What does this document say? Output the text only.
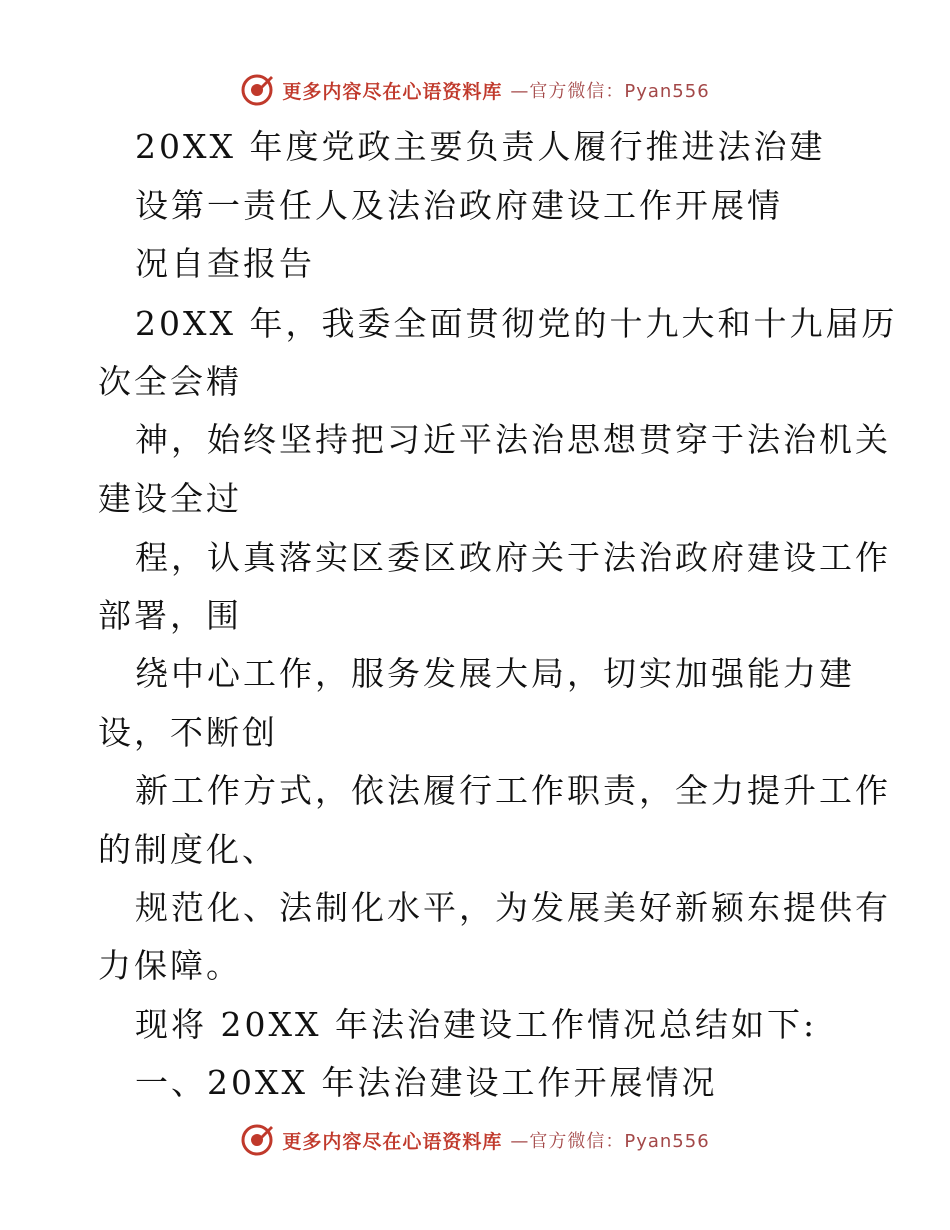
更多内容尽在心语资料库 —官方微信：Pyan556
20XX 年度党政主要负责人履行推进法治建
设第一责任人及法治政府建设工作开展情
况自查报告
20XX 年，我委全面贯彻党的十九大和十九届历
次全会精
神，始终坚持把习近平法治思想贯穿于法治机关
建设全过
程，认真落实区委区政府关于法治政府建设工作
部署，围
绕中心工作，服务发展大局，切实加强能力建
设，不断创
新工作方式，依法履行工作职责，全力提升工作
的制度化、
规范化、法制化水平，为发展美好新颍东提供有
力保障。
现将 20XX 年法治建设工作情况总结如下:
一、20XX 年法治建设工作开展情况
更多内容尽在心语资料库 —官方微信：Pyan556
